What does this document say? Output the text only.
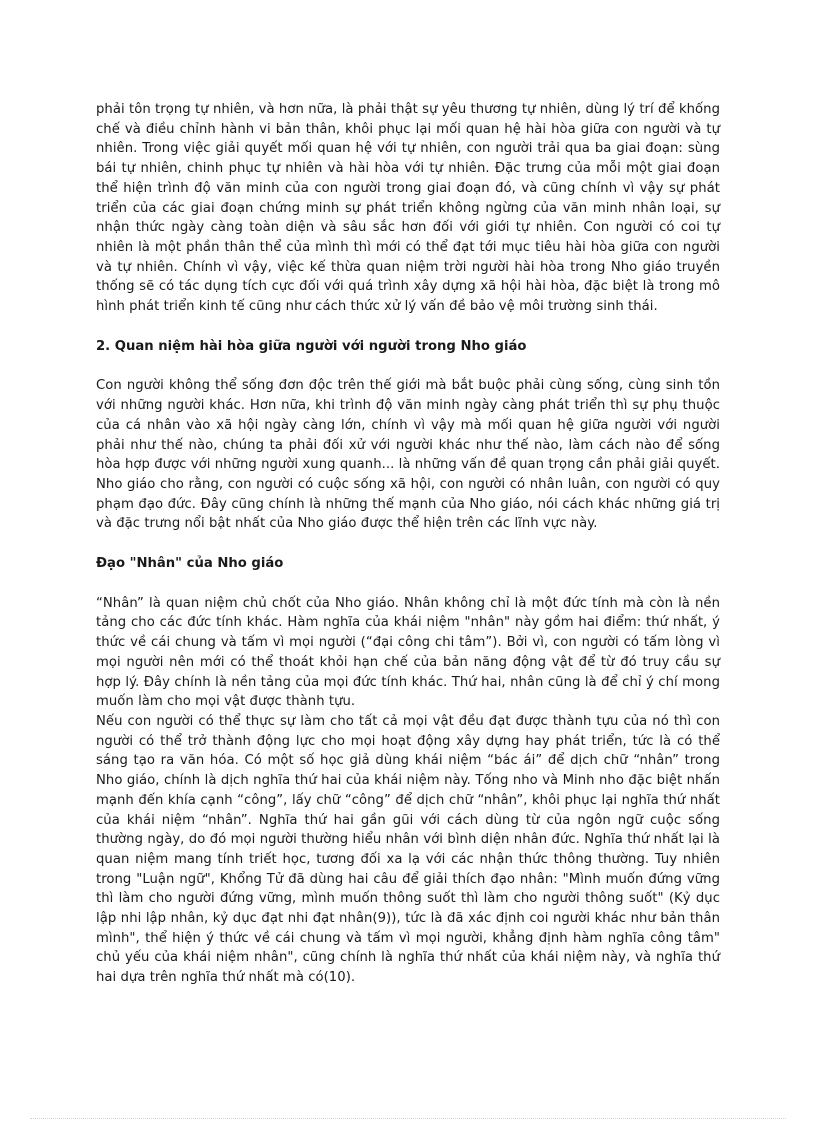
phải tôn trọng tự nhiên, và hơn nữa, là phải thật sự yêu thương tự nhiên, dùng lý trí để khống chế và điều chỉnh hành vi bản thân, khôi phục lại mối quan hệ hài hòa giữa con người và tự nhiên. Trong việc giải quyết mối quan hệ với tự nhiên, con người trải qua ba giai đoạn: sùng bái tự nhiên, chinh phục tự nhiên và hài hòa với tự nhiên. Đặc trưng của mỗi một giai đoạn thể hiện trình độ văn minh của con người trong giai đoạn đó, và cũng chính vì vậy sự phát triển của các giai đoạn chứng minh sự phát triển không ngừng của văn minh nhân loại, sự nhận thức ngày càng toàn diện và sâu sắc hơn đối với giới tự nhiên. Con người có coi tự nhiên là một phần thân thể của mình thì mới có thể đạt tới mục tiêu hài hòa giữa con người và tự nhiên. Chính vì vậy, việc kế thừa quan niệm trời người hài hòa trong Nho giáo truyền thống sẽ có tác dụng tích cực đối với quá trình xây dựng xã hội hài hòa, đặc biệt là trong mô hình phát triển kinh tế cũng như cách thức xử lý vấn đề bảo vệ môi trường sinh thái.

2. Quan niệm hài hòa giữa người với người trong Nho giáo

Con người không thể sống đơn độc trên thế giới mà bắt buộc phải cùng sống, cùng sinh tồn với những người khác. Hơn nữa, khi trình độ văn minh ngày càng phát triển thì sự phụ thuộc của cá nhân vào xã hội ngày càng lớn, chính vì vậy mà mối quan hệ giữa người với người phải như thế nào, chúng ta phải đối xử với người khác như thế nào, làm cách nào để sống hòa hợp được với những người xung quanh... là những vấn đề quan trọng cần phải giải quyết. Nho giáo cho rằng, con người có cuộc sống xã hội, con người có nhân luân, con người có quy phạm đạo đức. Đây cũng chính là những thế mạnh của Nho giáo, nói cách khác những giá trị và đặc trưng nổi bật nhất của Nho giáo được thể hiện trên các lĩnh vực này.

Đạo "Nhân" của Nho giáo

“Nhân” là quan niệm chủ chốt của Nho giáo. Nhân không chỉ là một đức tính mà còn là nền tảng cho các đức tính khác. Hàm nghĩa của khái niệm "nhân" này gồm hai điểm: thứ nhất, ý thức về cái chung và tấm vì mọi người (“đại công chi tâm”). Bởi vì, con người có tấm lòng vì mọi người nên mới có thể thoát khỏi hạn chế của bản năng động vật để từ đó truy cầu sự hợp lý. Đây chính là nền tảng của mọi đức tính khác. Thứ hai, nhân cũng là để chỉ ý chí mong muốn làm cho mọi vật được thành tựu.

Nếu con người có thể thực sự làm cho tất cả mọi vật đều đạt được thành tựu của nó thì con người có thể trở thành động lực cho mọi hoạt động xây dựng hay phát triển, tức là có thể sáng tạo ra văn hóa. Có một số học giả dùng khái niệm “bác ái” để dịch chữ “nhân” trong Nho giáo, chính là dịch nghĩa thứ hai của khái niệm này. Tống nho và Minh nho đặc biệt nhấn mạnh đến khía cạnh “công”, lấy chữ “công” để dịch chữ “nhân”, khôi phục lại nghĩa thứ nhất của khái niệm “nhân”. Nghĩa thứ hai gần gũi với cách dùng từ của ngôn ngữ cuộc sống thường ngày, do đó mọi người thường hiểu nhân với bình diện nhân đức. Nghĩa thứ nhất lại là quan niệm mang tính triết học, tương đối xa lạ với các nhận thức thông thường. Tuy nhiên trong "Luận ngữ", Khổng Tử đã dùng hai câu để giải thích đạo nhân: "Mình muốn đứng vững thì làm cho người đứng vững, mình muốn thông suốt thì làm cho người thông suốt" (Kỷ dục lập nhi lập nhân, kỷ dục đạt nhi đạt nhân(9)), tức là đã xác định coi người khác như bản thân mình", thể hiện ý thức về cái chung và tấm vì mọi người, khẳng định hàm nghĩa công tâm" chủ yếu của khái niệm nhân", cũng chính là nghĩa thứ nhất của khái niệm này, và nghĩa thứ hai dựa trên nghĩa thứ nhất mà có(10).
